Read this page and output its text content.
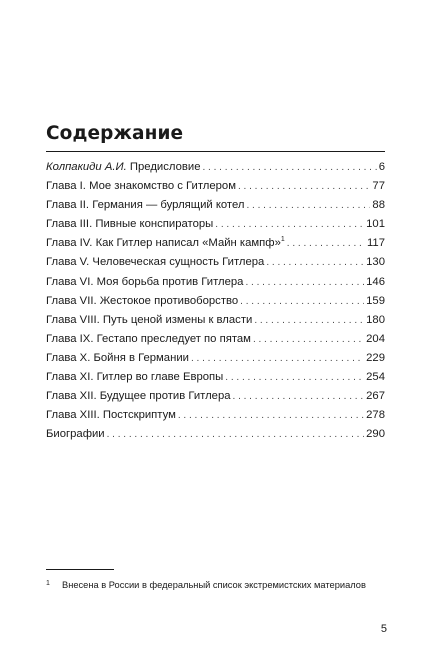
Содержание
Колпакиди А.И. Предисловие . . .	6
Глава I. Мое знакомство с Гитлером . . .	77
Глава II. Германия — бурлящий котел . . .	88
Глава III. Пивные конспираторы . . .	101
Глава IV. Как Гитлер написал «Майн кампф»$^1$ . . .	117
Глава V. Человеческая сущность Гитлера . . .	130
Глава VI. Моя борьба против Гитлера . . .	146
Глава VII. Жестокое противоборство . . .	159
Глава VIII. Путь ценой измены к власти . . .	180
Глава IX. Гестапо преследует по пятам . . .	204
Глава X. Бойня в Германии . . .	229
Глава XI. Гитлер во главе Европы . . .	254
Глава XII. Будущее против Гитлера . . .	267
Глава XIII. Постскриптум . . .	278
Биографии . . .	290

1 Внесена в России в федеральный список экстремистских материалов

5
